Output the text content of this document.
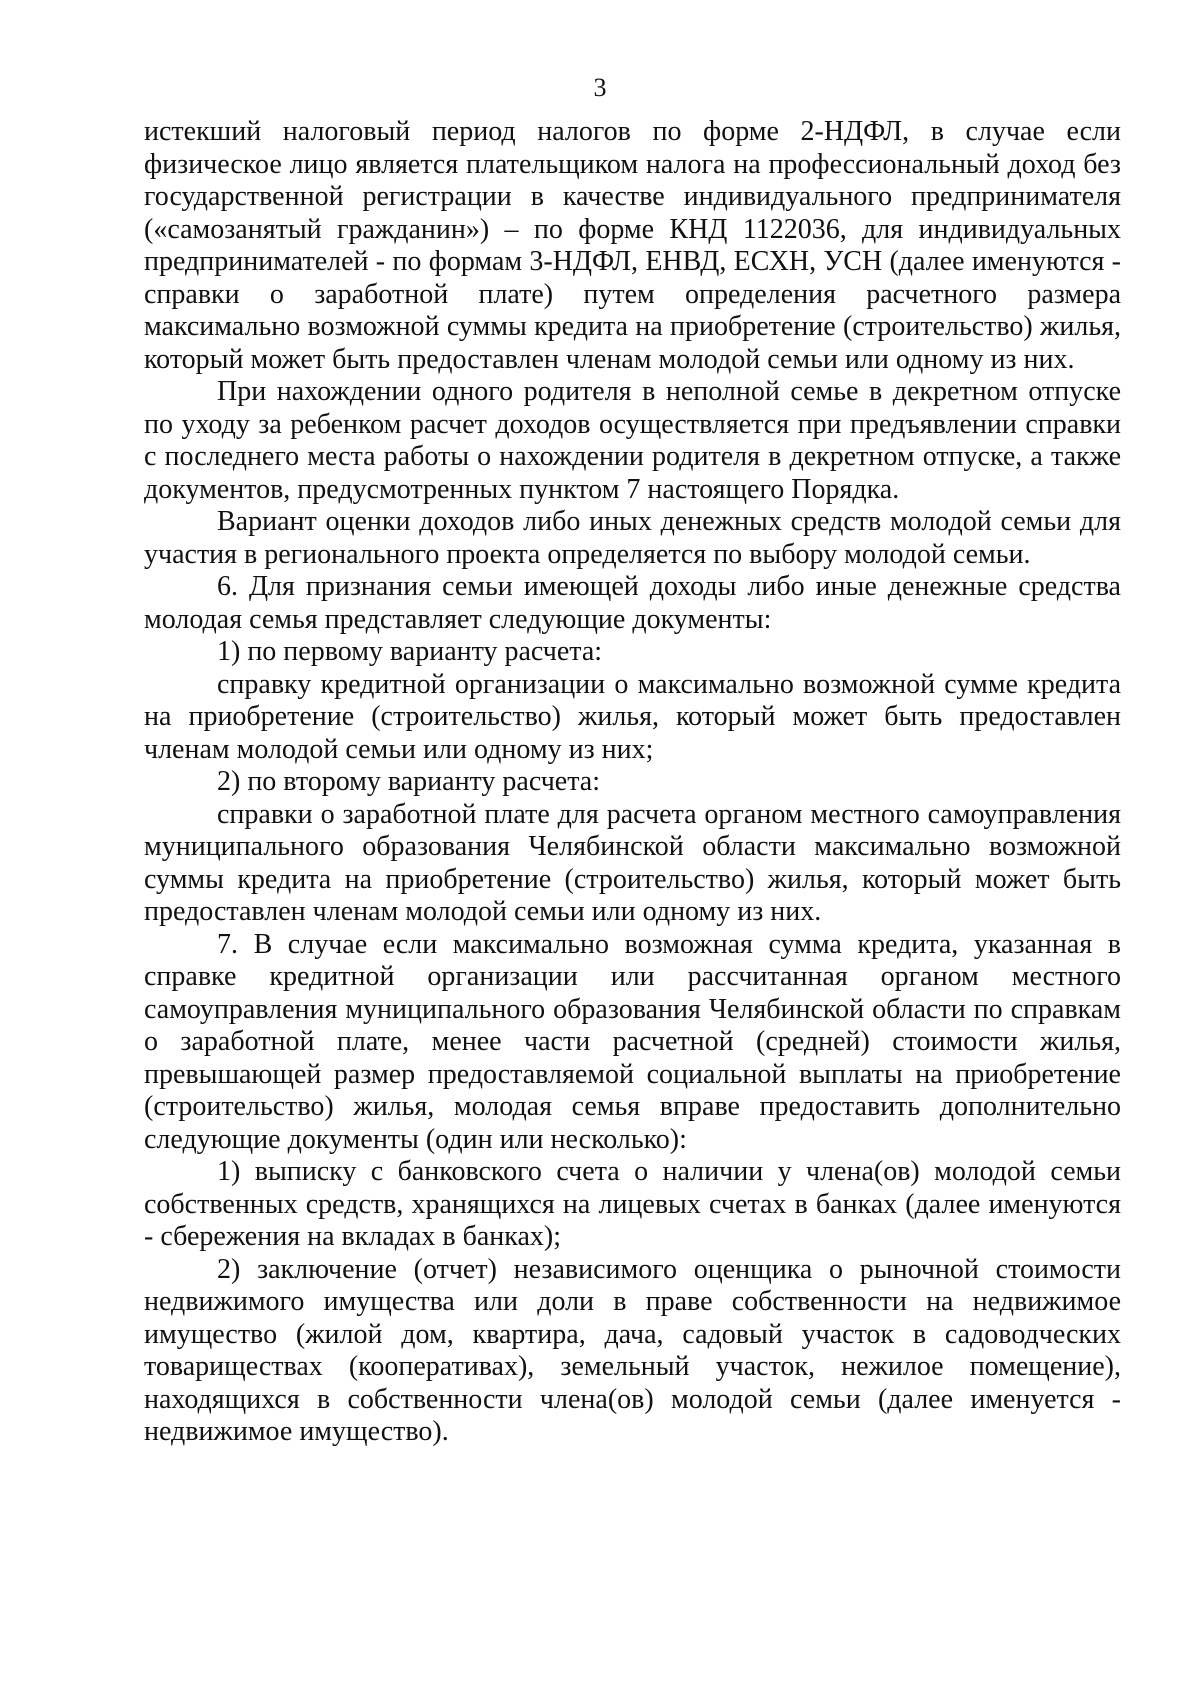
3

истекший налоговый период налогов по форме 2-НДФЛ, в случае если физическое лицо является плательщиком налога на профессиональный доход без государственной регистрации в качестве индивидуального предпринимателя («самозанятый гражданин») – по форме КНД 1122036, для индивидуальных предпринимателей - по формам 3-НДФЛ, ЕНВД, ЕСХН, УСН (далее именуются - справки о заработной плате) путем определения расчетного размера максимально возможной суммы кредита на приобретение (строительство) жилья, который может быть предоставлен членам молодой семьи или одному из них.

При нахождении одного родителя в неполной семье в декретном отпуске по уходу за ребенком расчет доходов осуществляется при предъявлении справки с последнего места работы о нахождении родителя в декретном отпуске, а также документов, предусмотренных пунктом 7 настоящего Порядка.

Вариант оценки доходов либо иных денежных средств молодой семьи для участия в регионального проекта определяется по выбору молодой семьи.

6. Для признания семьи имеющей доходы либо иные денежные средства молодая семья представляет следующие документы:

1) по первому варианту расчета:

справку кредитной организации о максимально возможной сумме кредита на приобретение (строительство) жилья, который может быть предоставлен членам молодой семьи или одному из них;

2) по второму варианту расчета:

справки о заработной плате для расчета органом местного самоуправления муниципального образования Челябинской области максимально возможной суммы кредита на приобретение (строительство) жилья, который может быть предоставлен членам молодой семьи или одному из них.

7. В случае если максимально возможная сумма кредита, указанная в справке кредитной организации или рассчитанная органом местного самоуправления муниципального образования Челябинской области по справкам о заработной плате, менее части расчетной (средней) стоимости жилья, превышающей размер предоставляемой социальной выплаты на приобретение (строительство) жилья, молодая семья вправе предоставить дополнительно следующие документы (один или несколько):

1) выписку с банковского счета о наличии у члена(ов) молодой семьи собственных средств, хранящихся на лицевых счетах в банках (далее именуются - сбережения на вкладах в банках);

2) заключение (отчет) независимого оценщика о рыночной стоимости недвижимого имущества или доли в праве собственности на недвижимое имущество (жилой дом, квартира, дача, садовый участок в садоводческих товариществах (кооперативах), земельный участок, нежилое помещение), находящихся в собственности члена(ов) молодой семьи (далее именуется - недвижимое имущество).
